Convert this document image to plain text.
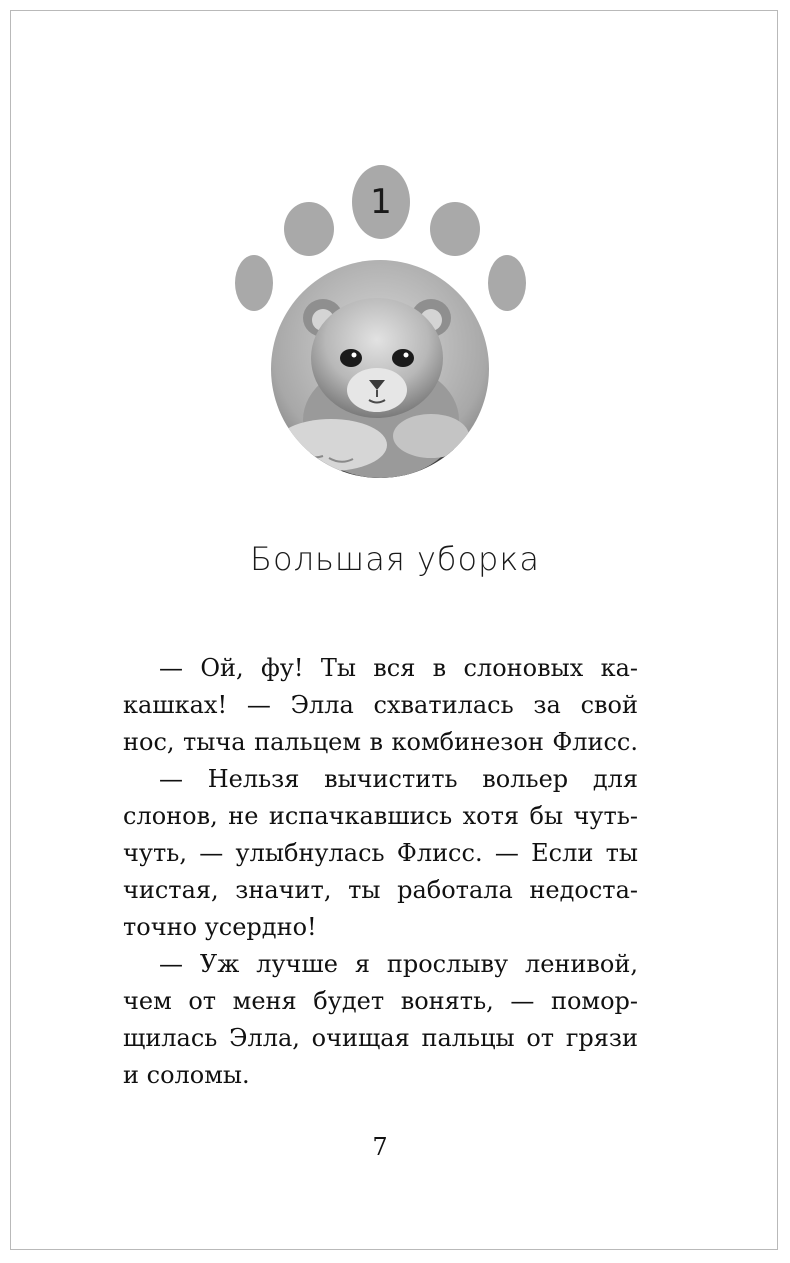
1
Большая уборка
— Ой, фу! Ты вся в слоновых ка-
кашках! — Элла схватилась за свой
нос, тыча пальцем в комбинезон Флисс.
— Нельзя вычистить вольер для
слонов, не испачкавшись хотя бы чуть-
чуть, — улыбнулась Флисс. — Если ты
чистая, значит, ты работала недоста-
точно усердно!
— Уж лучше я прослыву ленивой,
чем от меня будет вонять, — помор-
щилась Элла, очищая пальцы от грязи
и соломы.
7
